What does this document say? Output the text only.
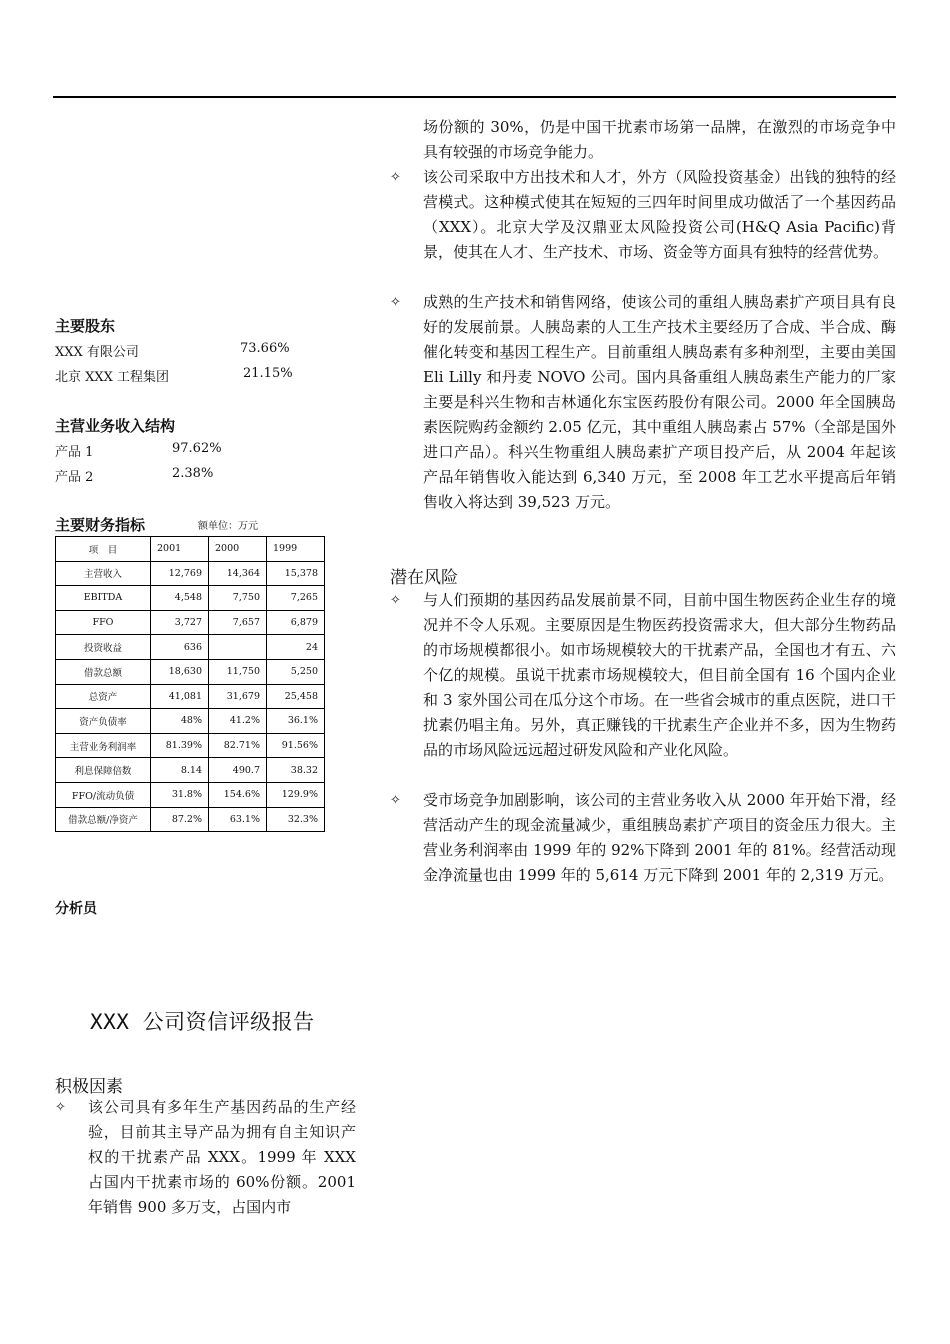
主要股东
XXX 有限公司	73.66%
北京 XXX 工程集团	21.15%
主营业务收入结构
产品 1	97.62%
产品 2	2.38%
主要财务指标	额单位：万元
项　目	2001	2000	1999
主营收入	12,769	14,364	15,378
EBITDA	4,548	7,750	7,265
FFO	3,727	7,657	6,879
投资收益	636		24
借款总额	18,630	11,750	5,250
总资产	41,081	31,679	25,458
资产负债率	48%	41.2%	36.1%
主营业务利润率	81.39%	82.71%	91.56%
利息保障倍数	8.14	490.7	38.32
FFO/流动负债	31.8%	154.6%	129.9%
借款总额/净资产	87.2%	63.1%	32.3%
分析员
XXX 公司资信评级报告
积极因素
✧ 该公司具有多年生产基因药品的生产经验，目前其主导产品为拥有自主知识产权的干扰素产品 XXX。1999 年 XXX 占国内干扰素市场的 60%份额。2001 年销售 900 多万支，占国内市
场份额的 30%，仍是中国干扰素市场第一品牌，在激烈的市场竞争中具有较强的市场竞争能力。
✧ 该公司采取中方出技术和人才，外方（风险投资基金）出钱的独特的经营模式。这种模式使其在短短的三四年时间里成功做活了一个基因药品（XXX）。北京大学及汉鼎亚太风险投资公司(H&Q Asia Pacific)背景，使其在人才、生产技术、市场、资金等方面具有独特的经营优势。
✧ 成熟的生产技术和销售网络，使该公司的重组人胰岛素扩产项目具有良好的发展前景。人胰岛素的人工生产技术主要经历了合成、半合成、酶催化转变和基因工程生产。目前重组人胰岛素有多种剂型，主要由美国 Eli Lilly 和丹麦 NOVO 公司。国内具备重组人胰岛素生产能力的厂家主要是科兴生物和吉林通化东宝医药股份有限公司。2000 年全国胰岛素医院购药金额约 2.05 亿元，其中重组人胰岛素占 57%（全部是国外进口产品）。科兴生物重组人胰岛素扩产项目投产后，从 2004 年起该产品年销售收入能达到 6,340 万元，至 2008 年工艺水平提高后年销售收入将达到 39,523 万元。
潜在风险
✧ 与人们预期的基因药品发展前景不同，目前中国生物医药企业生存的境况并不令人乐观。主要原因是生物医药投资需求大，但大部分生物药品的市场规模都很小。如市场规模较大的干扰素产品，全国也才有五、六个亿的规模。虽说干扰素市场规模较大，但目前全国有 16 个国内企业和 3 家外国公司在瓜分这个市场。在一些省会城市的重点医院，进口干扰素仍唱主角。另外，真正赚钱的干扰素生产企业并不多，因为生物药品的市场风险远远超过研发风险和产业化风险。
✧ 受市场竞争加剧影响，该公司的主营业务收入从 2000 年开始下滑，经营活动产生的现金流量减少，重组胰岛素扩产项目的资金压力很大。主营业务利润率由 1999 年的 92%下降到 2001 年的 81%。经营活动现金净流量也由 1999 年的 5,614 万元下降到 2001 年的 2,319 万元。
